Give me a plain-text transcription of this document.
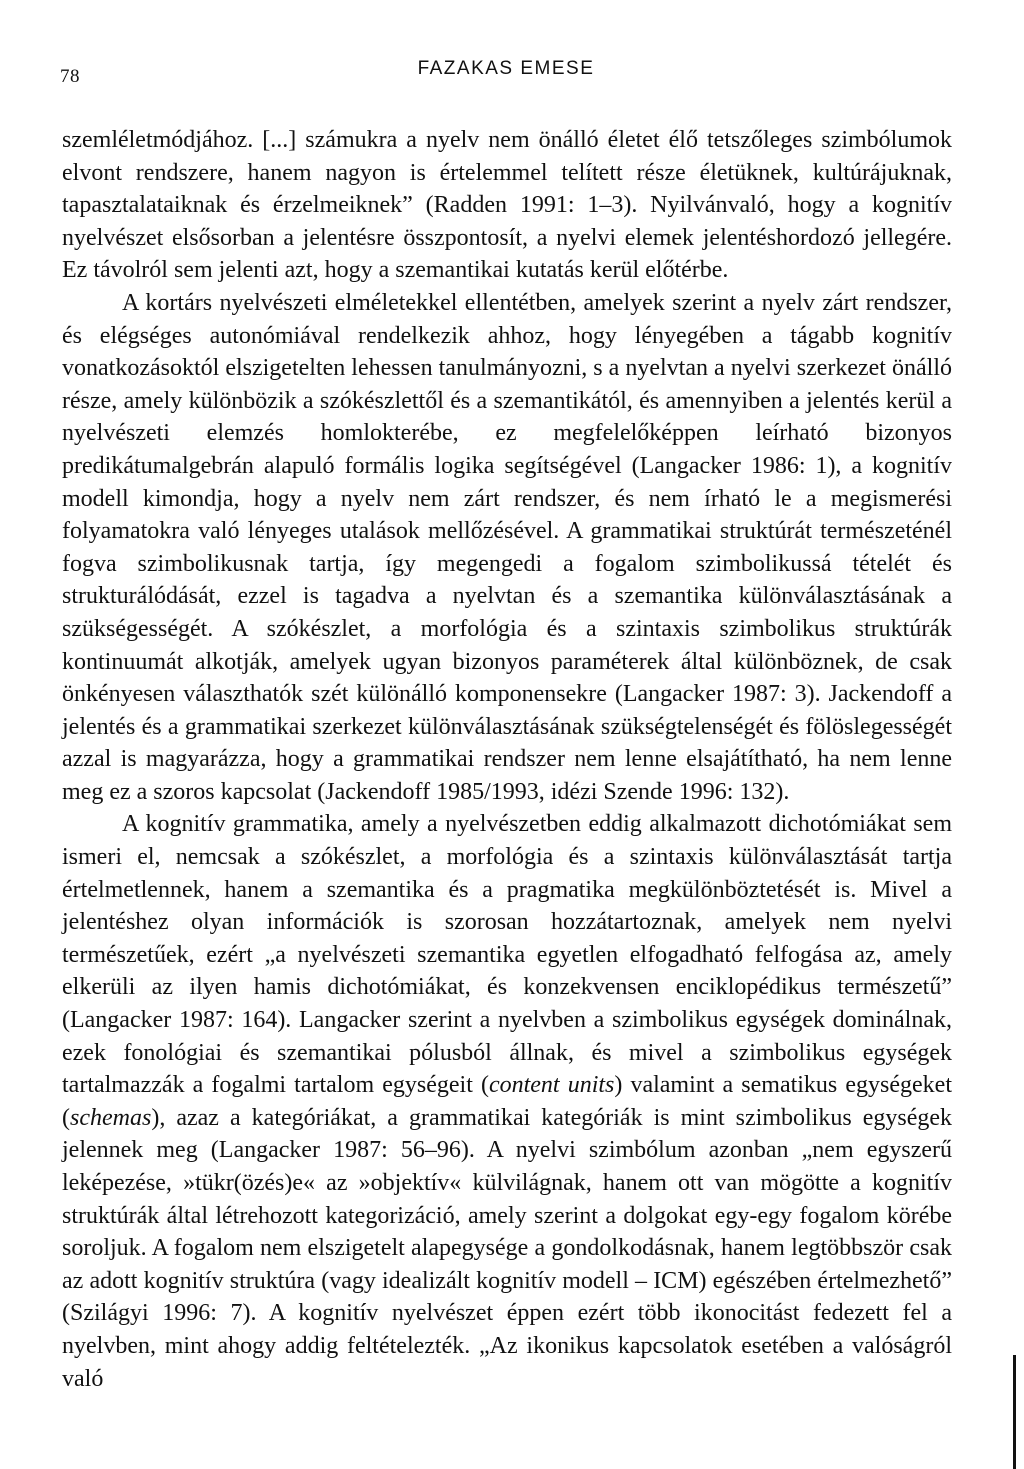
78	FAZAKAS EMESE

szemléletmódjához. [...] számukra a nyelv nem önálló életet élő tetszőleges szimbólumok elvont rendszere, hanem nagyon is értelemmel telített része életüknek, kultúrájuknak, tapasztalataiknak és érzelmeiknek” (Radden 1991: 1–3). Nyilvánvaló, hogy a kognitív nyelvészet elsősorban a jelentésre összpontosít, a nyelvi elemek jelentéshordozó jellegére. Ez távolról sem jelenti azt, hogy a szemantikai kutatás kerül előtérbe.

A kortárs nyelvészeti elméletekkel ellentétben, amelyek szerint a nyelv zárt rendszer, és elégséges autonómiával rendelkezik ahhoz, hogy lényegében a tágabb kognitív vonatkozásoktól elszigetelten lehessen tanulmányozni, s a nyelvtan a nyelvi szerkezet önálló része, amely különbözik a szókészlettől és a szemantikától, és amennyiben a jelentés kerül a nyelvészeti elemzés homlokterébe, ez megfelelőképpen leírható bizonyos predikátumalgebrán alapuló formális logika segítségével (Langacker 1986: 1), a kognitív modell kimondja, hogy a nyelv nem zárt rendszer, és nem írható le a megismerési folyamatokra való lényeges utalások mellőzésével. A grammatikai struktúrát természeténél fogva szimbolikusnak tartja, így megengedi a fogalom szimbolikussá tételét és strukturálódását, ezzel is tagadva a nyelvtan és a szemantika különválasztásának a szükségességét. A szókészlet, a morfológia és a szintaxis szimbolikus struktúrák kontinuumát alkotják, amelyek ugyan bizonyos paraméterek által különböznek, de csak önkényesen választhatók szét különálló komponensekre (Langacker 1987: 3). Jackendoff a jelentés és a grammatikai szerkezet különválasztásának szükségtelenségét és fölöslegességét azzal is magyarázza, hogy a grammatikai rendszer nem lenne elsajátítható, ha nem lenne meg ez a szoros kapcsolat (Jackendoff 1985/1993, idézi Szende 1996: 132).

A kognitív grammatika, amely a nyelvészetben eddig alkalmazott dichotómiákat sem ismeri el, nemcsak a szókészlet, a morfológia és a szintaxis különválasztását tartja értelmetlennek, hanem a szemantika és a pragmatika megkülönböztetését is. Mivel a jelentéshez olyan információk is szorosan hozzátartoznak, amelyek nem nyelvi természetűek, ezért „a nyelvészeti szemantika egyetlen elfogadható felfogása az, amely elkerüli az ilyen hamis dichotómiákat, és konzekvensen enciklopédikus természetű” (Langacker 1987: 164). Langacker szerint a nyelvben a szimbolikus egységek dominálnak, ezek fonológiai és szemantikai pólusból állnak, és mivel a szimbolikus egységek tartalmazzák a fogalmi tartalom egységeit (content units) valamint a sematikus egységeket (schemas), azaz a kategóriákat, a grammatikai kategóriák is mint szimbolikus egységek jelennek meg (Langacker 1987: 56–96). A nyelvi szimbólum azonban „nem egyszerű leképezése, »tükr(özés)e« az »objektív« külvilágnak, hanem ott van mögötte a kognitív struktúrák által létrehozott kategorizáció, amely szerint a dolgokat egy-egy fogalom körébe soroljuk. A fogalom nem elszigetelt alapegysége a gondolkodásnak, hanem legtöbbször csak az adott kognitív struktúra (vagy idealizált kognitív modell – ICM) egészében értelmezhető” (Szilágyi 1996: 7). A kognitív nyelvészet éppen ezért több ikonocitást fedezett fel a nyelvben, mint ahogy addig feltételezték. „Az ikonikus kapcsolatok esetében a valóságról való
